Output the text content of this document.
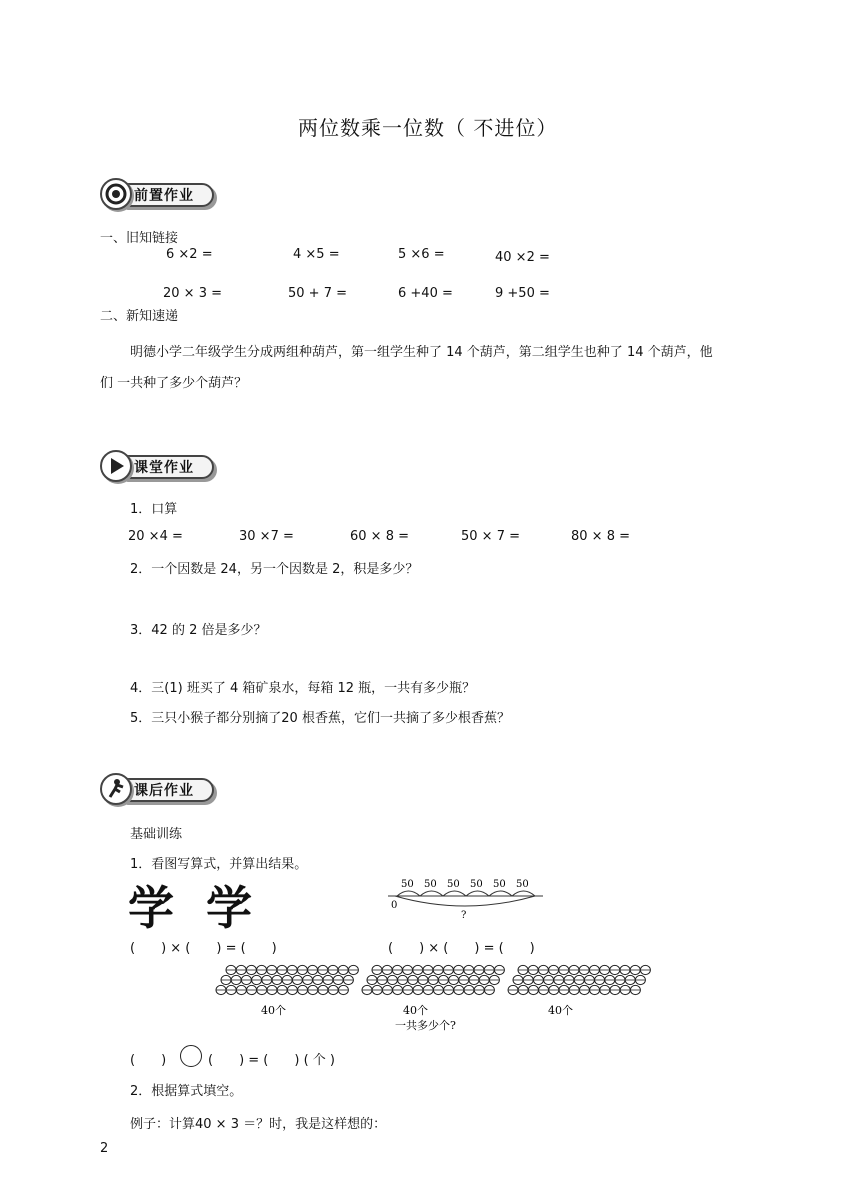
两位数乘一位数（ 不进位）
前置作业
一、旧知链接
6 ×2 =	4 ×5 =	5 ×6 =	40 ×2 =
20 × 3 =	50 + 7 =	6 +40 =	9 +50 =
二、新知速递
明德小学二年级学生分成两组种葫芦，第一组学生种了 14 个葫芦，第二组学生也种了 14 个葫芦，他
们 一共种了多少个葫芦？
课堂作业
1．口算
20 ×4 =	30 ×7 =	60 × 8 =	50 × 7 =	80 × 8 =
2．一个因数是 24，另一个因数是 2，积是多少？
3．42 的 2 倍是多少？
4．三(1) 班买了 4 箱矿泉水，每箱 12 瓶，一共有多少瓶？
5．三只小猴子都分别摘了20 根香蕉，它们一共摘了多少根香蕉？
课后作业
基础训练
1．看图写算式，并算出结果。
学 学	50 50 50 50 50 50
0
?
(　　) × (　　) = (　　)	(　　) × (　　) = (　　)
40个	40个	40个
一共多少个?
(　　)	(　　) = (　　) ( 个 )
2．根据算式填空。
例子：计算40 × 3 ＝？时，我是这样想的：
2
